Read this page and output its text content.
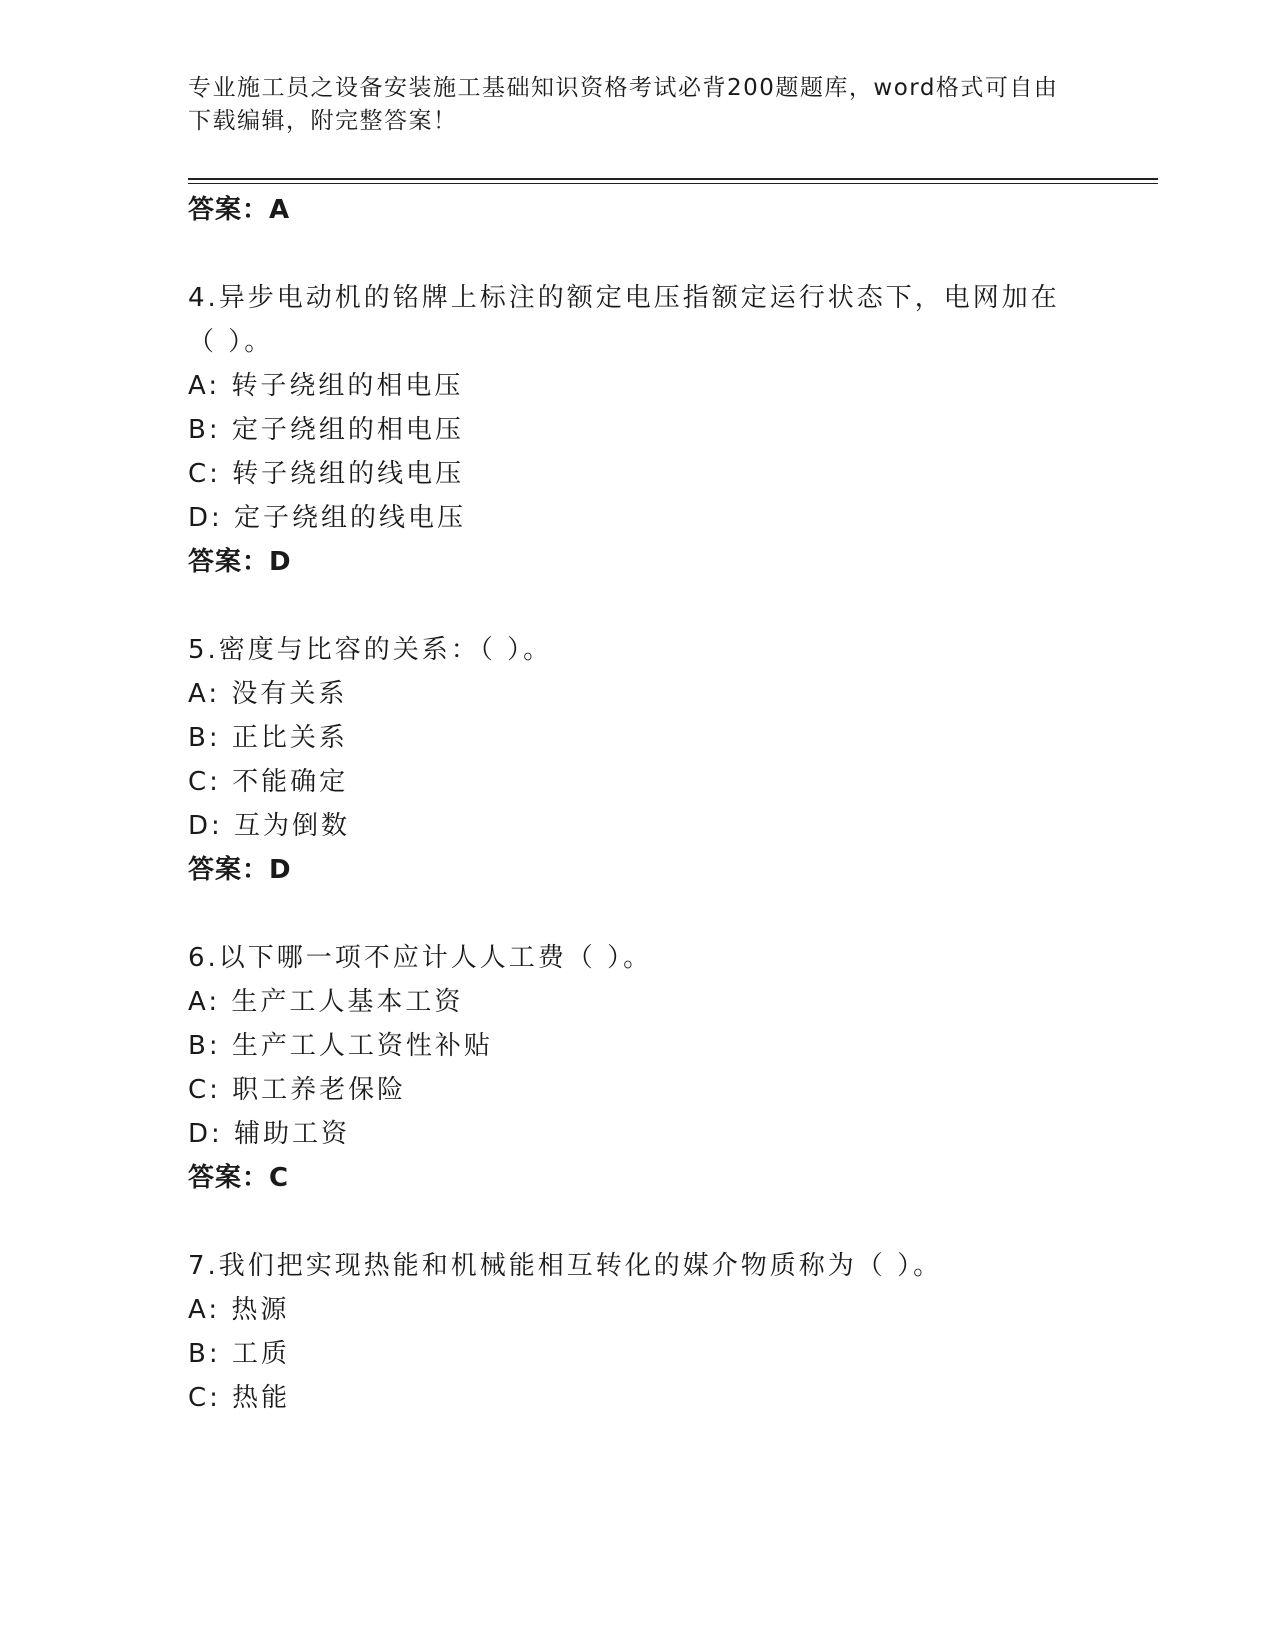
专业施工员之设备安装施工基础知识资格考试必背200题题库，word格式可自由
下载编辑，附完整答案！
答案：A
4.异步电动机的铭牌上标注的额定电压指额定运行状态下，电网加在
（ ）。
A: 转子绕组的相电压
B: 定子绕组的相电压
C: 转子绕组的线电压
D: 定子绕组的线电压
答案：D
5.密度与比容的关系：（ ）。
A: 没有关系
B: 正比关系
C: 不能确定
D: 互为倒数
答案：D
6.以下哪一项不应计人人工费（ ）。
A: 生产工人基本工资
B: 生产工人工资性补贴
C: 职工养老保险
D: 辅助工资
答案：C
7.我们把实现热能和机械能相互转化的媒介物质称为（ ）。
A: 热源
B: 工质
C: 热能
